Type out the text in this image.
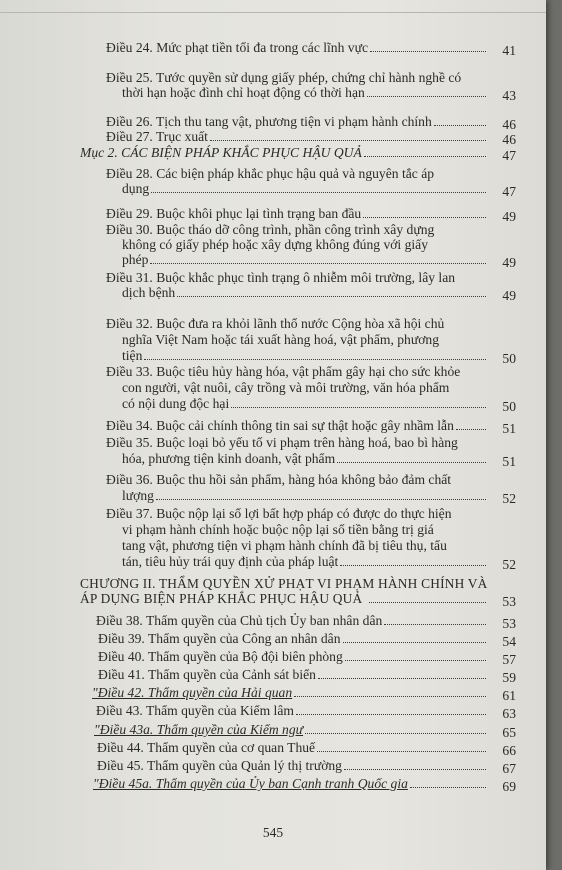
Điều 24. Mức phạt tiền tối đa trong các lĩnh vực	41
Điều 25. Tước quyền sử dụng giấy phép, chứng chỉ hành nghề có
thời hạn hoặc đình chỉ hoạt động có thời hạn	43
Điều 26. Tịch thu tang vật, phương tiện vi phạm hành chính	46
Điều 27. Trục xuất	46
Mục 2. CÁC BIỆN PHÁP KHẮC PHỤC HẬU QUẢ	47
Điều 28. Các biện pháp khắc phục hậu quả và nguyên tắc áp
dụng	47
Điều 29. Buộc khôi phục lại tình trạng ban đầu	49
Điều 30. Buộc tháo dỡ công trình, phần công trình xây dựng
không có giấy phép hoặc xây dựng không đúng với giấy
phép	49
Điều 31. Buộc khắc phục tình trạng ô nhiễm môi trường, lây lan
dịch bệnh	49
Điều 32. Buộc đưa ra khỏi lãnh thổ nước Cộng hòa xã hội chủ
nghĩa Việt Nam hoặc tái xuất hàng hoá, vật phẩm, phương
tiện	50
Điều 33. Buộc tiêu hủy hàng hóa, vật phẩm gây hại cho sức khỏe
con người, vật nuôi, cây trồng và môi trường, văn hóa phẩm
có nội dung độc hại	50
Điều 34. Buộc cải chính thông tin sai sự thật hoặc gây nhầm lẫn	51
Điều 35. Buộc loại bỏ yếu tố vi phạm trên hàng hoá, bao bì hàng
hóa, phương tiện kinh doanh, vật phẩm	51
Điều 36. Buộc thu hồi sản phẩm, hàng hóa không bảo đảm chất
lượng	52
Điều 37. Buộc nộp lại số lợi bất hợp pháp có được do thực hiện
vi phạm hành chính hoặc buộc nộp lại số tiền bằng trị giá
tang vật, phương tiện vi phạm hành chính đã bị tiêu thụ, tẩu
tán, tiêu hủy trái quy định của pháp luật	52
CHƯƠNG II. THẨM QUYỀN XỬ PHẠT VI PHẠM HÀNH CHÍNH VÀ
ÁP DỤNG BIỆN PHÁP KHẮC PHỤC HẬU QUẢ	53
Điều 38. Thẩm quyền của Chủ tịch Ủy ban nhân dân	53
Điều 39. Thẩm quyền của Công an nhân dân	54
Điều 40. Thẩm quyền của Bộ đội biên phòng	57
Điều 41. Thẩm quyền của Cảnh sát biển	59
"Điều 42. Thẩm quyền của Hải quan	61
Điều 43. Thẩm quyền của Kiểm lâm	63
"Điều 43a. Thẩm quyền của Kiểm ngư	65
Điều 44. Thẩm quyền của cơ quan Thuế	66
Điều 45. Thẩm quyền của Quản lý thị trường	67
"Điều 45a. Thẩm quyền của Ủy ban Cạnh tranh Quốc gia	69
545
